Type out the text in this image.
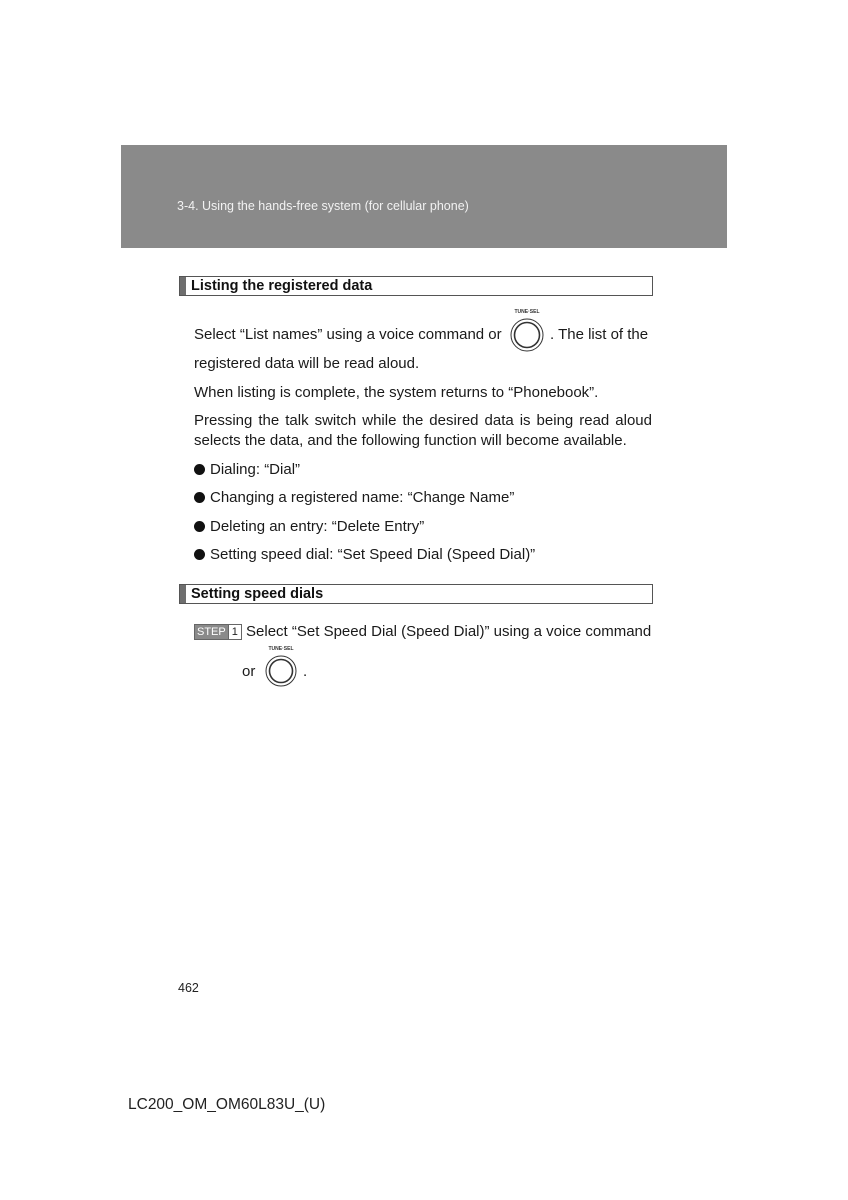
3-4. Using the hands-free system (for cellular phone)
Listing the registered data
Select “List names” using a voice command or
TUNE·SEL
. The list of the
registered data will be read aloud.
When listing is complete, the system returns to “Phonebook”.
Pressing the talk switch while the desired data is being read aloud selects the data, and the following function will become available.
Dialing: “Dial”
Changing a registered name: “Change Name”
Deleting an entry: “Delete Entry”
Setting speed dial: “Set Speed Dial (Speed Dial)”
Setting speed dials
STEP 1 Select “Set Speed Dial (Speed Dial)” using a voice command
or
TUNE·SEL
.
462
LC200_OM_OM60L83U_(U)
